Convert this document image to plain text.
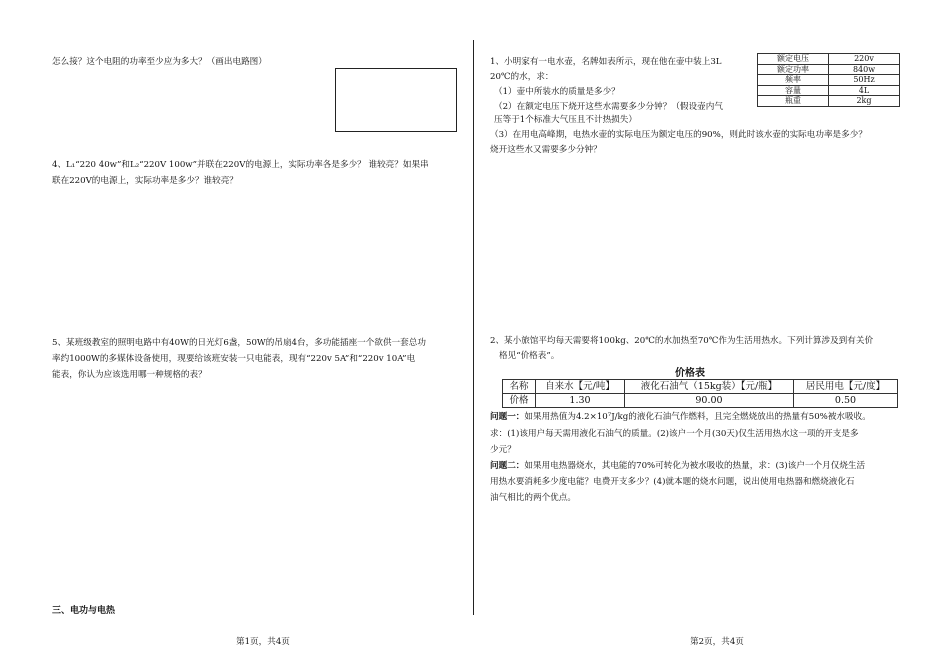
怎么接？这个电阻的功率至少应为多大？（画出电路图）
4、L₁“220 40w”和L₂“220V 100w”并联在220V的电源上，实际功率各是多少？ 谁较亮？如果串
联在220V的电源上，实际功率是多少？谁较亮？
5、某班级教室的照明电路中有40W的日光灯6盏，50W的吊扇4台，多功能插座一个欲供一套总功
率约1000W的多媒体设备使用，现要给该班安装一只电能表，现有“220v 5A”和“220v 10A”电
能表，你认为应该选用哪一种规格的表？
三、电功与电热
第1页，共4页
1、小明家有一电水壶，名牌如表所示，现在他在壶中装上3L
20℃的水，求：
（1）壶中所装水的质量是多少？
（2）在额定电压下烧开这些水需要多少分钟？（假设壶内气
压等于1个标准大气压且不计热损失）
（3）在用电高峰期，电热水壶的实际电压为额定电压的90%，则此时该水壶的实际电功率是多少？
烧开这些水又需要多少分钟？
额定电压	220v
额定功率	840w
频率	50Hz
容量	4L
瓶重	2kg
2、某小旅馆平均每天需要将100kg、20℃的水加热至70℃作为生活用热水。下列计算涉及到有关价
格见“价格表”。
价格表
名称	自来水【元/吨】	液化石油气（15kg装）【元/瓶】	居民用电【元/度】
价格	1.30	90.00	0.50
问题一：如果用热值为4.2×10⁷J/kg的液化石油气作燃料，且完全燃烧放出的热量有50%被水吸收。
求：(1)该用户每天需用液化石油气的质量。(2)该户一个月(30天)仅生活用热水这一项的开支是多
少元？
问题二：如果用电热器烧水，其电能的70%可转化为被水吸收的热量，求：(3)该户一个月仅烧生活
用热水要消耗多少度电能？电费开支多少？(4)就本题的烧水问题，说出使用电热器和燃烧液化石
油气相比的两个优点。
第2页，共4页
